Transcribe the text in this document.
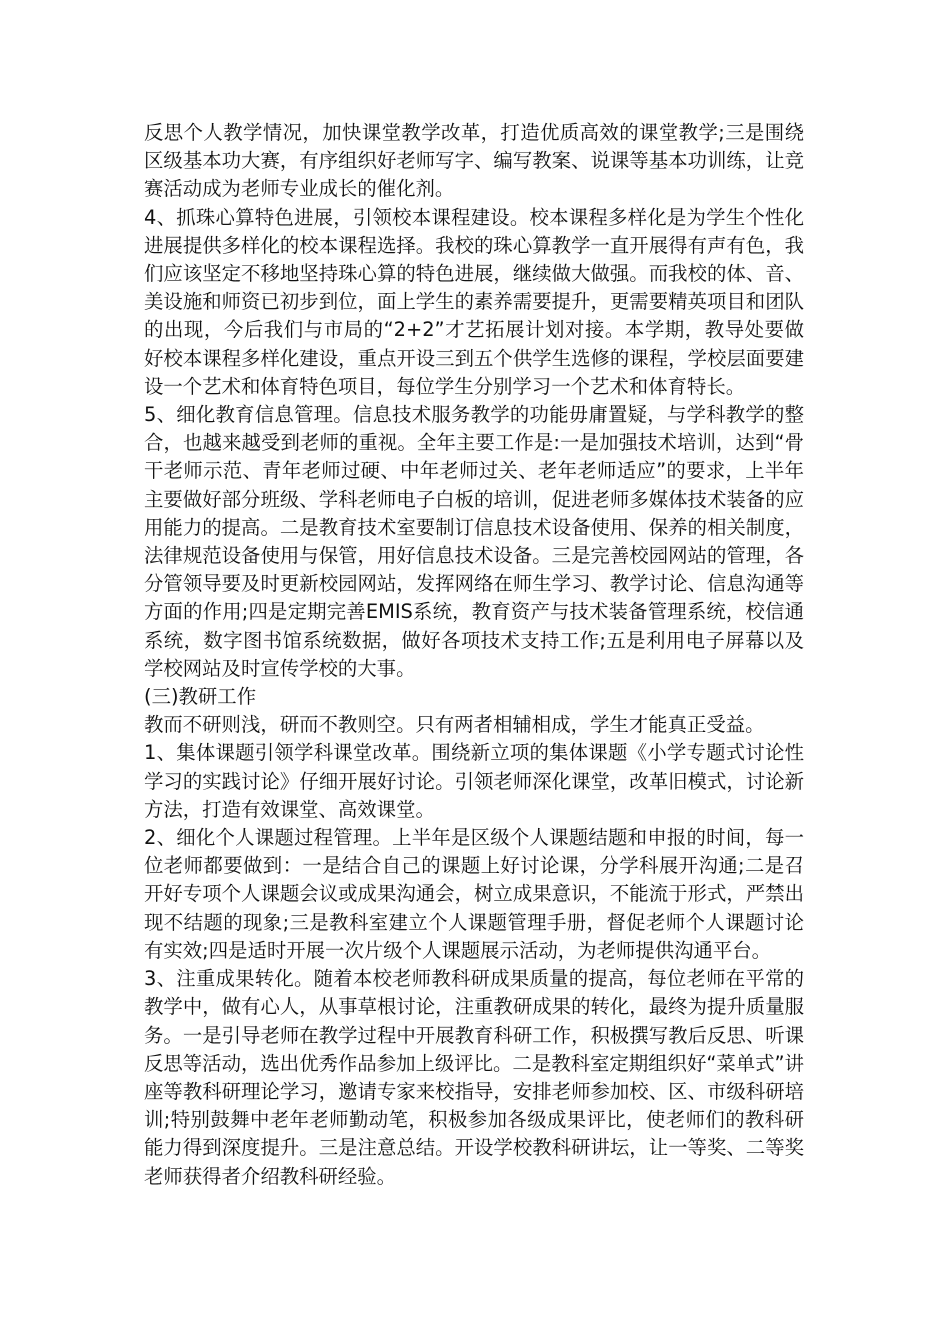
反思个人教学情况，加快课堂教学改革，打造优质高效的课堂教学;三是围绕区级基本功大赛，有序组织好老师写字、编写教案、说课等基本功训练，让竞赛活动成为老师专业成长的催化剂。

4、抓珠心算特色进展，引领校本课程建设。校本课程多样化是为学生个性化进展提供多样化的校本课程选择。我校的珠心算教学一直开展得有声有色，我们应该坚定不移地坚持珠心算的特色进展，继续做大做强。而我校的体、音、美设施和师资已初步到位，面上学生的素养需要提升，更需要精英项目和团队的出现，今后我们与市局的“2+2”才艺拓展计划对接。本学期，教导处要做好校本课程多样化建设，重点开设三到五个供学生选修的课程，学校层面要建设一个艺术和体育特色项目，每位学生分别学习一个艺术和体育特长。

5、细化教育信息管理。信息技术服务教学的功能毋庸置疑，与学科教学的整合，也越来越受到老师的重视。全年主要工作是:一是加强技术培训，达到“骨干老师示范、青年老师过硬、中年老师过关、老年老师适应”的要求，上半年主要做好部分班级、学科老师电子白板的培训，促进老师多媒体技术装备的应用能力的提高。二是教育技术室要制订信息技术设备使用、保养的相关制度，法律规范设备使用与保管，用好信息技术设备。三是完善校园网站的管理，各分管领导要及时更新校园网站，发挥网络在师生学习、教学讨论、信息沟通等方面的作用;四是定期完善EMIS系统，教育资产与技术装备管理系统，校信通系统，数字图书馆系统数据，做好各项技术支持工作;五是利用电子屏幕以及学校网站及时宣传学校的大事。

(三)教研工作

教而不研则浅，研而不教则空。只有两者相辅相成，学生才能真正受益。

1、集体课题引领学科课堂改革。围绕新立项的集体课题《小学专题式讨论性学习的实践讨论》仔细开展好讨论。引领老师深化课堂，改革旧模式，讨论新方法，打造有效课堂、高效课堂。

2、细化个人课题过程管理。上半年是区级个人课题结题和申报的时间，每一位老师都要做到：一是结合自己的课题上好讨论课，分学科展开沟通;二是召开好专项个人课题会议或成果沟通会，树立成果意识，不能流于形式，严禁出现不结题的现象;三是教科室建立个人课题管理手册，督促老师个人课题讨论有实效;四是适时开展一次片级个人课题展示活动，为老师提供沟通平台。

3、注重成果转化。随着本校老师教科研成果质量的提高，每位老师在平常的教学中，做有心人，从事草根讨论，注重教研成果的转化，最终为提升质量服务。一是引导老师在教学过程中开展教育科研工作，积极撰写教后反思、听课反思等活动，选出优秀作品参加上级评比。二是教科室定期组织好“菜单式”讲座等教科研理论学习，邀请专家来校指导，安排老师参加校、区、市级科研培训;特别鼓舞中老年老师勤动笔，积极参加各级成果评比，使老师们的教科研能力得到深度提升。三是注意总结。开设学校教科研讲坛，让一等奖、二等奖老师获得者介绍教科研经验。
